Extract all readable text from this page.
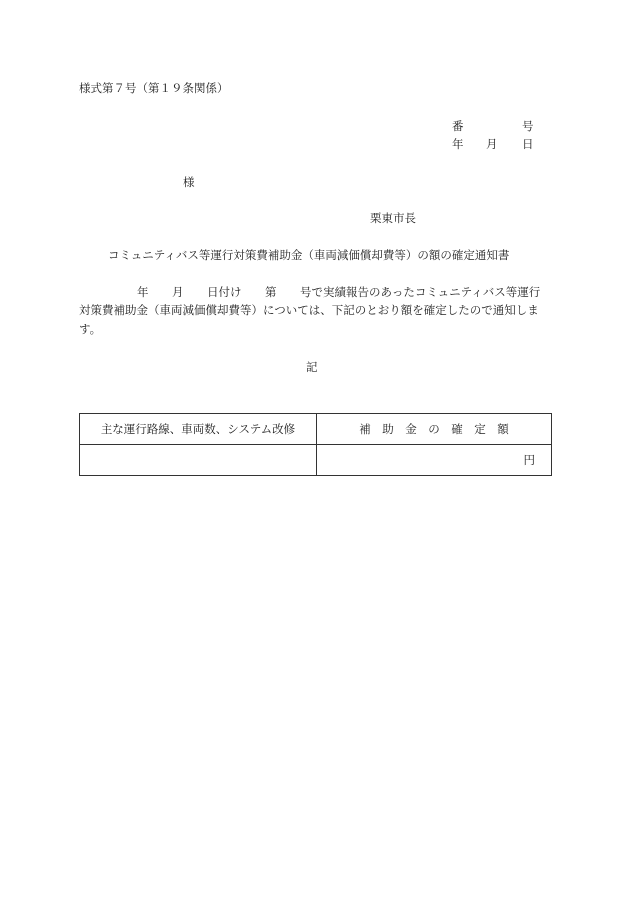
様式第７号（第１９条関係）
番	号
年 月 日
様
栗東市長
コミュニティバス等運行対策費補助金（車両減価償却費等）の額の確定通知書
年 月 日付け 第 号で実績報告のあったコミュニティバス等運行
対策費補助金（車両減価償却費等）については、下記のとおり額を確定したので通知しま
す。
記
主な運行路線、車両数、システム改修	補　助　金　の　確　定　額
	円
